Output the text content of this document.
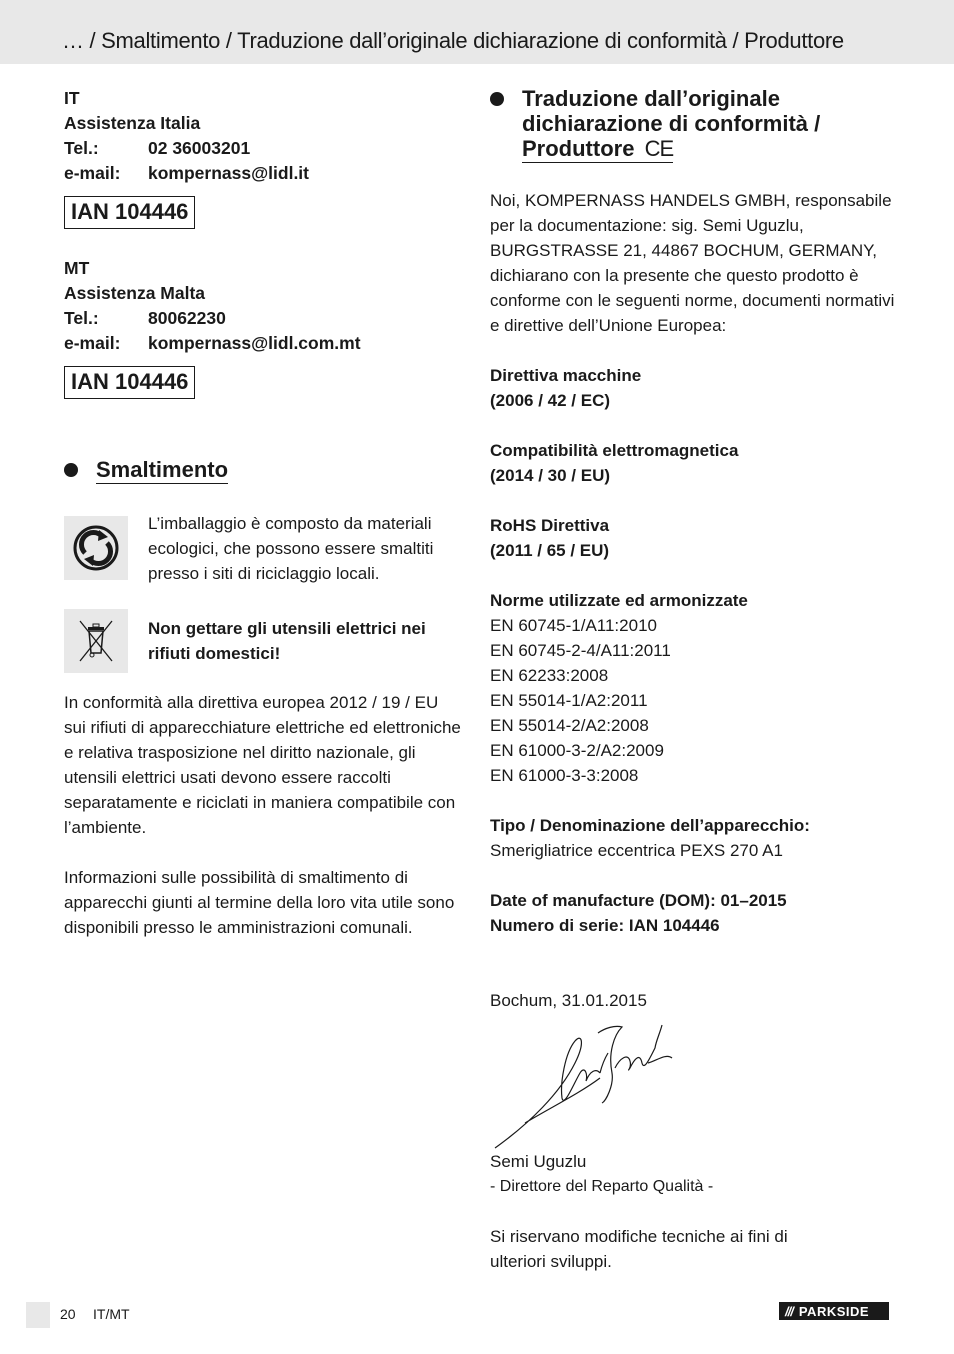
… / Smaltimento / Traduzione dall’originale dichiarazione di conformità / Produttore
IT
Assistenza Italia
Tel.:	02 36003201
e-mail:	kompernass@lidl.it
IAN 104446
MT
Assistenza Malta
Tel.:	80062230
e-mail:	kompernass@lidl.com.mt
IAN 104446
Smaltimento
L’imballaggio è composto da materiali ecologici, che possono essere smaltiti presso i siti di riciclaggio locali.
Non gettare gli utensili elettrici nei rifiuti domestici!
In conformità alla direttiva europea 2012 / 19 / EU sui rifiuti di apparecchiature elettriche ed elettroniche e relativa trasposizione nel diritto nazionale, gli utensili elettrici usati devono essere raccolti separatamente e riciclati in maniera compatibile con l’ambiente.
Informazioni sulle possibilità di smaltimento di apparecchi giunti al termine della loro vita utile sono disponibili presso le amministrazioni comunali.
Traduzione dall’originale
dichiarazione di conformità /
Produttore CE
Noi, KOMPERNASS HANDELS GMBH, responsabile per la documentazione: sig. Semi Uguzlu, BURGSTRASSE 21, 44867 BOCHUM, GERMANY, dichiarano con la presente che questo prodotto è conforme con le seguenti norme, documenti normativi e direttive dell’Unione Europea:
Direttiva macchine
(2006 / 42 / EC)
Compatibilità elettromagnetica
(2014 / 30 / EU)
RoHS Direttiva
(2011 / 65 / EU)
Norme utilizzate ed armonizzate
EN 60745-1/A11:2010
EN 60745-2-4/A11:2011
EN 62233:2008
EN 55014-1/A2:2011
EN 55014-2/A2:2008
EN 61000-3-2/A2:2009
EN 61000-3-3:2008
Tipo / Denominazione dell’apparecchio:
Smerigliatrice eccentrica PEXS 270 A1
Date of manufacture (DOM): 01–2015
Numero di serie: IAN 104446
Bochum, 31.01.2015
Semi Uguzlu
- Direttore del Reparto Qualità -
Si riservano modifiche tecniche ai fini di
ulteriori sviluppi.
20 IT/MT	/// PARKSIDE
